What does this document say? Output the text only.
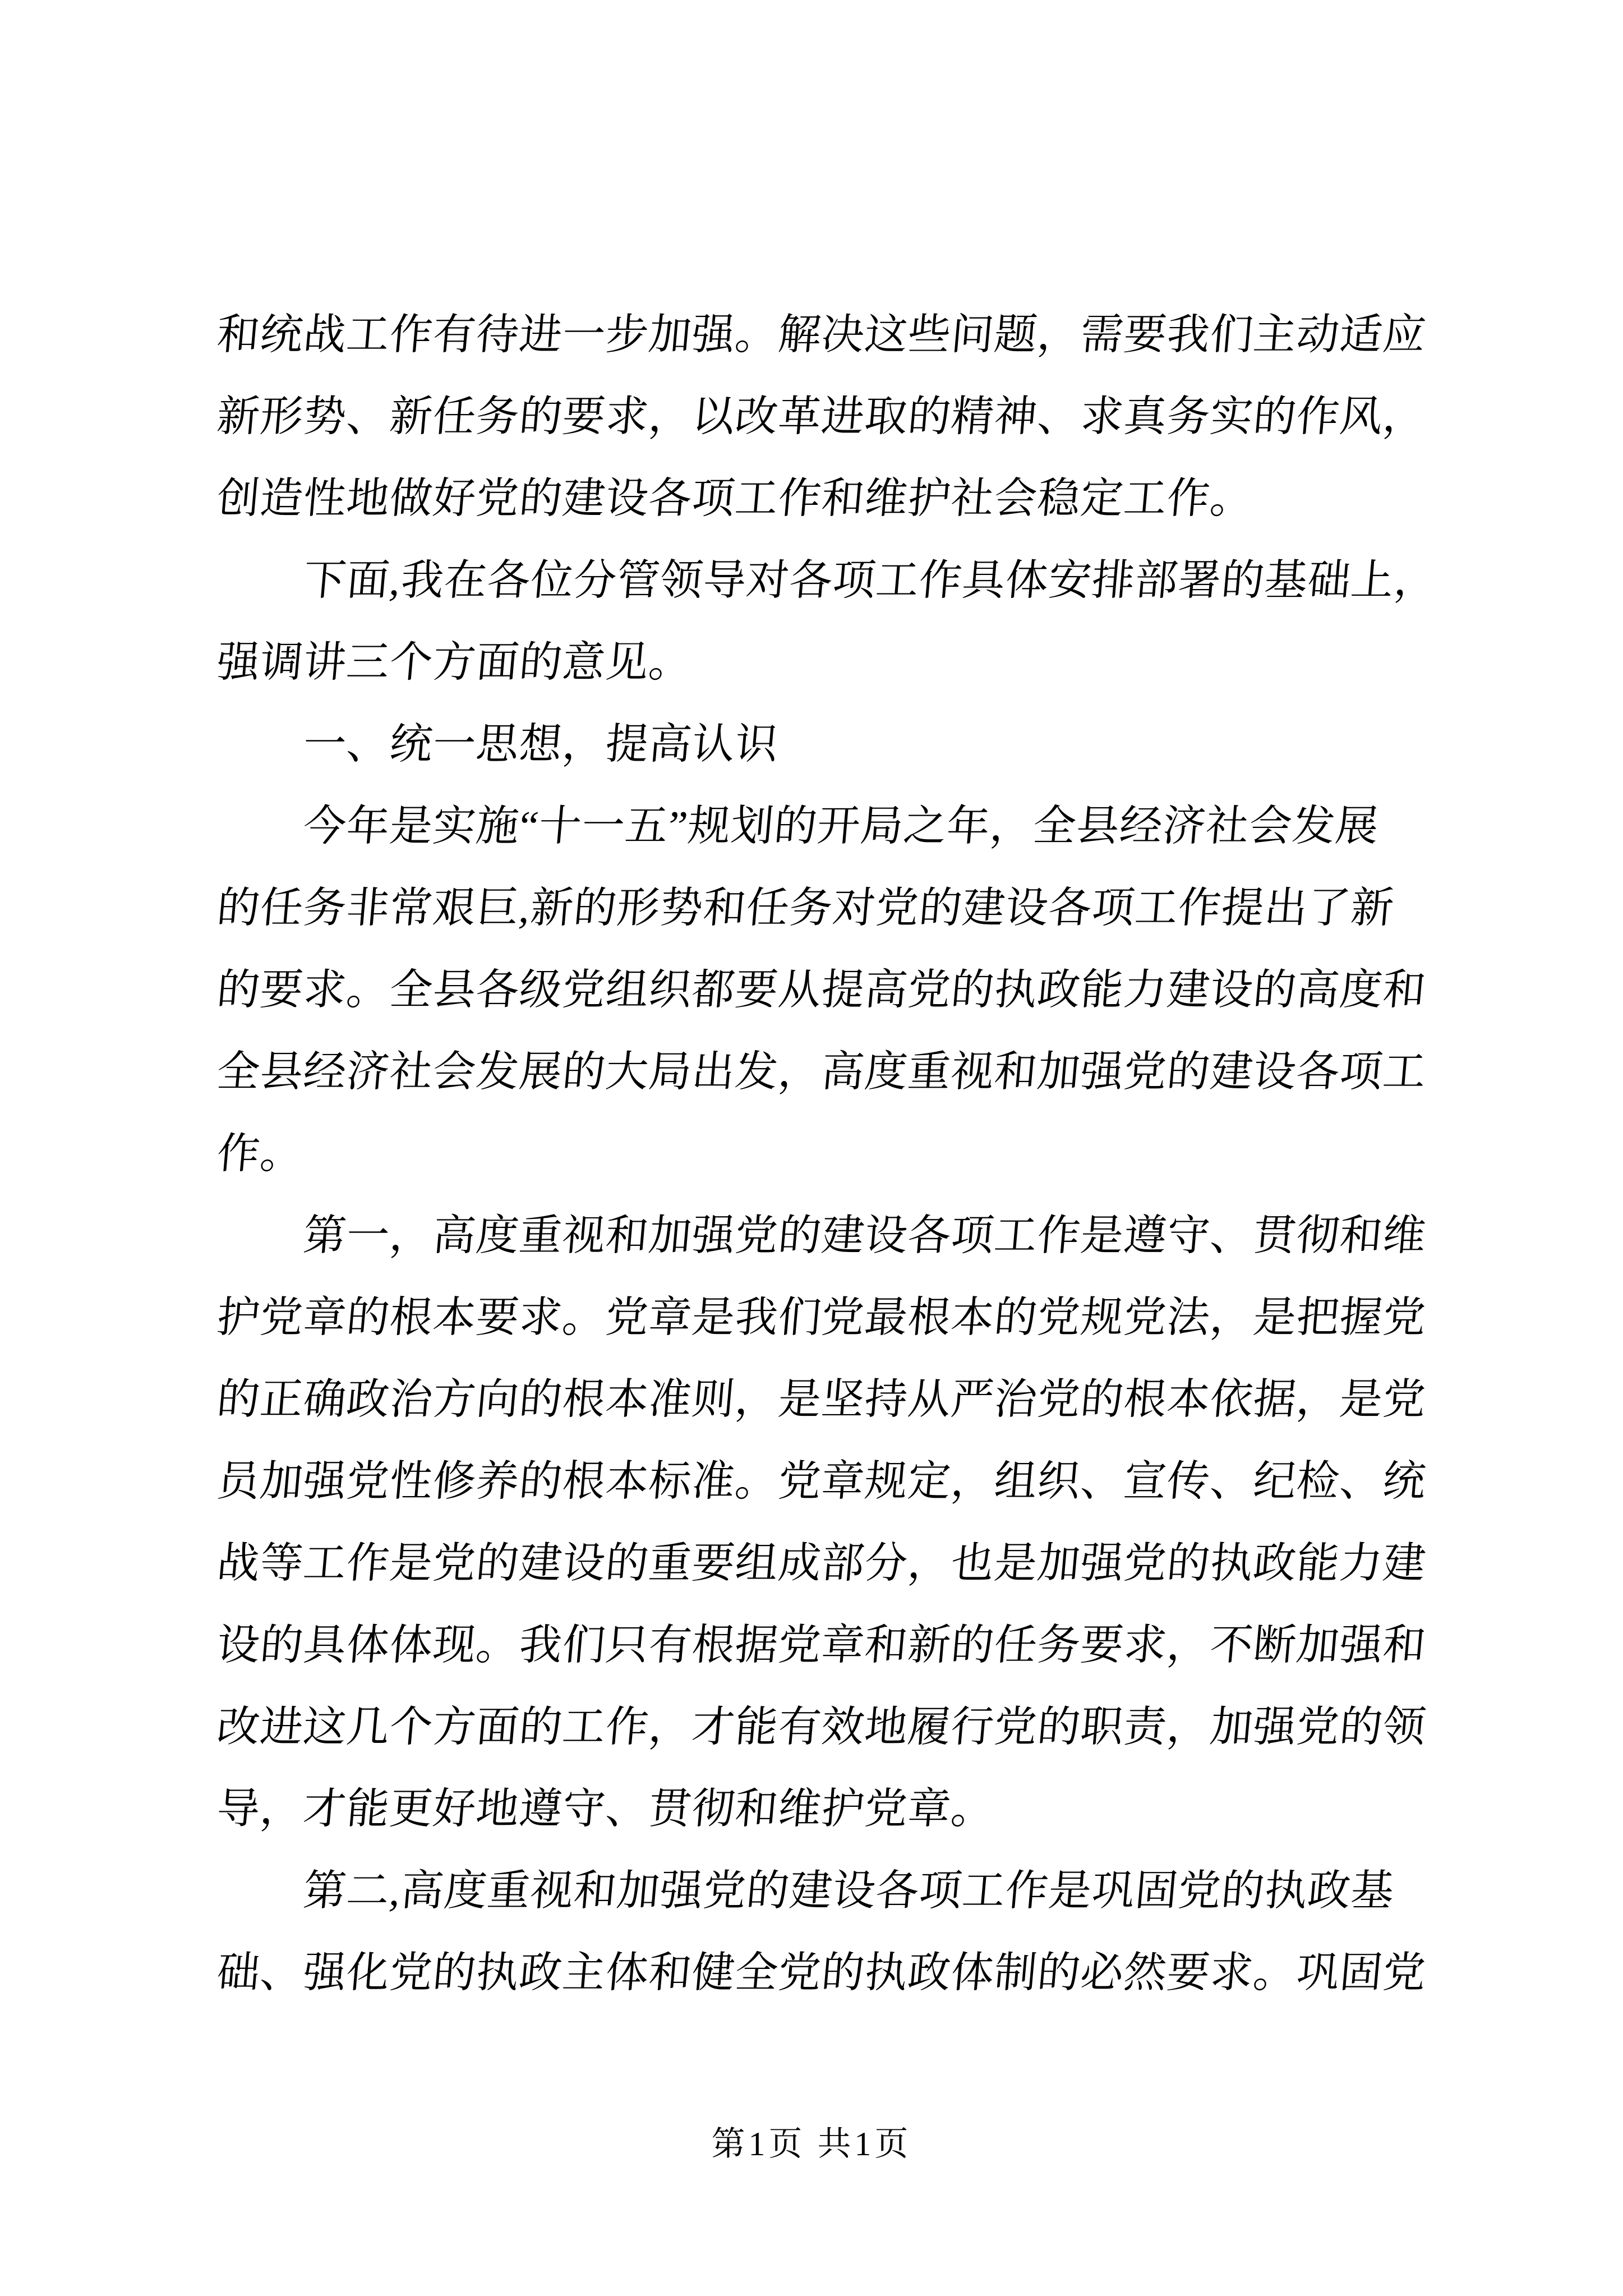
和统战工作有待进一步加强。解决这些问题，需要我们主动适应
新形势、新任务的要求，以改革进取的精神、求真务实的作风，
创造性地做好党的建设各项工作和维护社会稳定工作。
下面,我在各位分管领导对各项工作具体安排部署的基础上，
强调讲三个方面的意见。
一、统一思想，提高认识
今年是实施“十一五”规划的开局之年，全县经济社会发展
的任务非常艰巨,新的形势和任务对党的建设各项工作提出了新
的要求。全县各级党组织都要从提高党的执政能力建设的高度和
全县经济社会发展的大局出发，高度重视和加强党的建设各项工
作。
第一，高度重视和加强党的建设各项工作是遵守、贯彻和维
护党章的根本要求。党章是我们党最根本的党规党法，是把握党
的正确政治方向的根本准则，是坚持从严治党的根本依据，是党
员加强党性修养的根本标准。党章规定，组织、宣传、纪检、统
战等工作是党的建设的重要组成部分，也是加强党的执政能力建
设的具体体现。我们只有根据党章和新的任务要求，不断加强和
改进这几个方面的工作，才能有效地履行党的职责，加强党的领
导，才能更好地遵守、贯彻和维护党章。
第二,高度重视和加强党的建设各项工作是巩固党的执政基
础、强化党的执政主体和健全党的执政体制的必然要求。巩固党
第1页 共1页
